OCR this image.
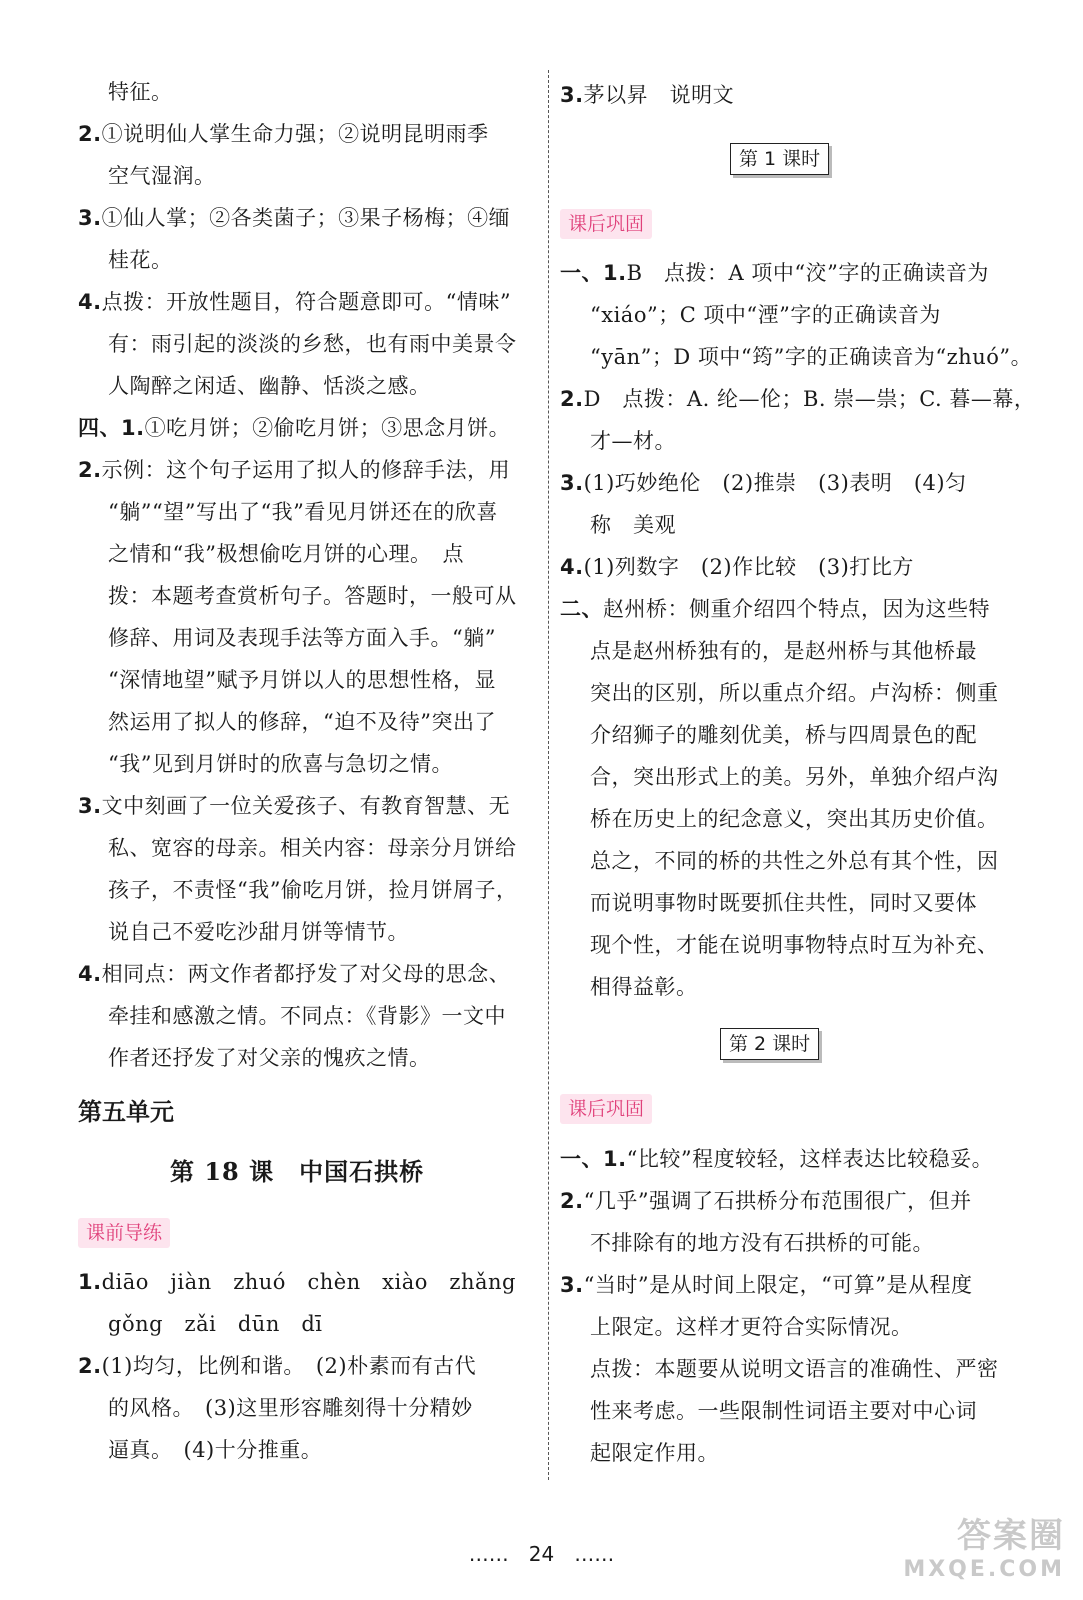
特征。
2.①说明仙人掌生命力强；②说明昆明雨季
空气湿润。
3.①仙人掌；②各类菌子；③果子杨梅；④缅
桂花。
4.点拨：开放性题目，符合题意即可。“情味”
有：雨引起的淡淡的乡愁，也有雨中美景令
人陶醉之闲适、幽静、恬淡之感。
四、1.①吃月饼；②偷吃月饼；③思念月饼。
2.示例：这个句子运用了拟人的修辞手法，用
“躺”“望”写出了“我”看见月饼还在的欣喜
之情和“我”极想偷吃月饼的心理。　点
拨：本题考查赏析句子。答题时，一般可从
修辞、用词及表现手法等方面入手。“躺”
“深情地望”赋予月饼以人的思想性格，显
然运用了拟人的修辞，“迫不及待”突出了
“我”见到月饼时的欣喜与急切之情。
3.文中刻画了一位关爱孩子、有教育智慧、无
私、宽容的母亲。相关内容：母亲分月饼给
孩子，不责怪“我”偷吃月饼，捡月饼屑子，
说自己不爱吃沙甜月饼等情节。
4.相同点：两文作者都抒发了对父母的思念、
牵挂和感激之情。不同点：《背影》一文中
作者还抒发了对父亲的愧疚之情。
第五单元
第 18 课　中国石拱桥
课前导练
1.diāo　jiàn　zhuó　chèn　xiào　zhǎng
gǒng　zǎi　dūn　dī
2.(1)均匀，比例和谐。　(2)朴素而有古代
的风格。　(3)这里形容雕刻得十分精妙
逼真。　(4)十分推重。
3.茅以昇　说明文
第 1 课时
课后巩固
一、1.B　点拨：A 项中“洨”字的正确读音为
“xiáo”；C 项中“湮”字的正确读音为
“yān”；D 项中“筠”字的正确读音为“zhuó”。
2.D　点拨：A. 纶—伦；B. 崇—祟；C. 暮—幕，
才—材。
3.(1)巧妙绝伦　(2)推崇　(3)表明　(4)匀
称　美观
4.(1)列数字　(2)作比较　(3)打比方
二、赵州桥：侧重介绍四个特点，因为这些特
点是赵州桥独有的，是赵州桥与其他桥最
突出的区别，所以重点介绍。卢沟桥：侧重
介绍狮子的雕刻优美，桥与四周景色的配
合，突出形式上的美。另外，单独介绍卢沟
桥在历史上的纪念意义，突出其历史价值。
总之，不同的桥的共性之外总有其个性，因
而说明事物时既要抓住共性，同时又要体
现个性，才能在说明事物特点时互为补充、
相得益彰。
第 2 课时
课后巩固
一、1.“比较”程度较轻，这样表达比较稳妥。
2.“几乎”强调了石拱桥分布范围很广，但并
不排除有的地方没有石拱桥的可能。
3.“当时”是从时间上限定，“可算”是从程度
上限定。这样才更符合实际情况。
点拨：本题要从说明文语言的准确性、严密
性来考虑。一些限制性词语主要对中心词
起限定作用。
……　24　……	答案圈
MXQE.COM
